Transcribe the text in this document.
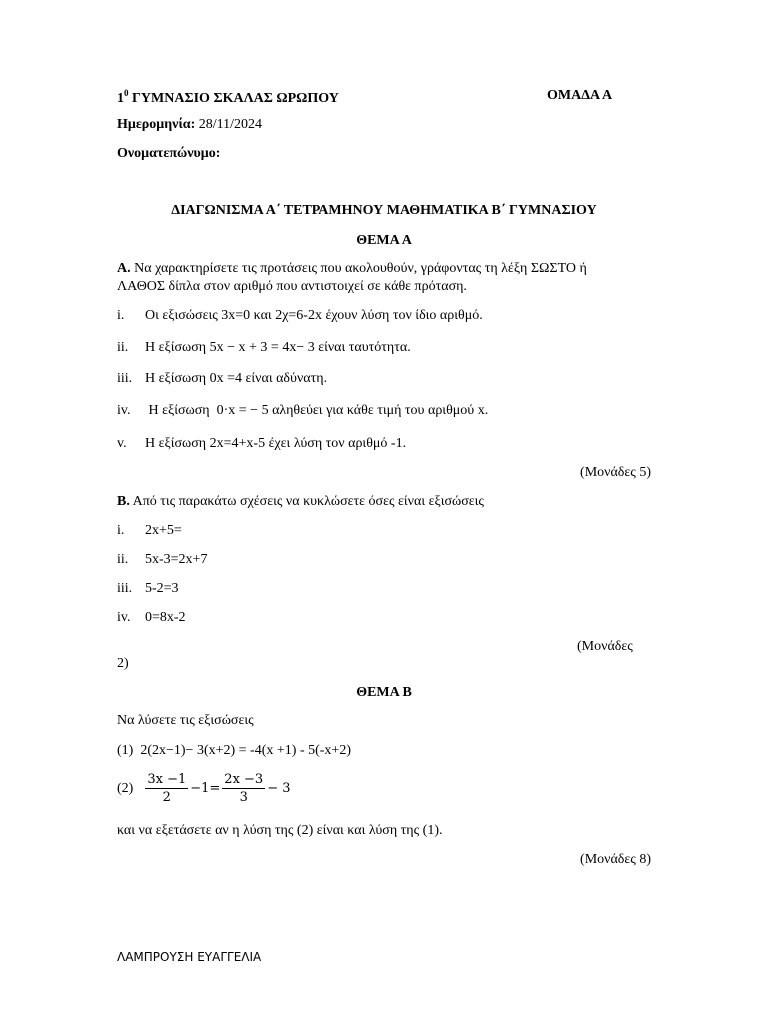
$1^0$ ΓΥΜΝΑΣΙΟ ΣΚΑΛΑΣ ΩΡΩΠΟΥ	ΟΜΑΔΑ Α
Ημερομηνία: 28/11/2024
Ονοματεπώνυμο:
ΔΙΑΓΩΝΙΣΜΑ Α΄ ΤΕΤΡΑΜΗΝΟΥ ΜΑΘΗΜΑΤΙΚΑ Β΄ ΓΥΜΝΑΣΙΟΥ
ΘΕΜΑ Α
Α. Να χαρακτηρίσετε τις προτάσεις που ακολουθούν, γράφοντας τη λέξη ΣΩΣΤΟ ή
ΛΑΘΟΣ δίπλα στον αριθμό που αντιστοιχεί σε κάθε πρόταση.
i. Οι εξισώσεις 3x=0 και 2χ=6-2x έχουν λύση τον ίδιο αριθμό.
ii. Η εξίσωση 5x − x + 3 = 4x− 3 είναι ταυτότητα.
iii. Η εξίσωση 0x =4 είναι αδύνατη.
iv. Η εξίσωση  0·x = − 5 αληθεύει για κάθε τιμή του αριθμού x.
v. Η εξίσωση 2x=4+x-5 έχει λύση τον αριθμό -1.
(Μονάδες 5)
Β. Από τις παρακάτω σχέσεις να κυκλώσετε όσες είναι εξισώσεις
i. 2x+5=
ii. 5x-3=2x+7
iii. 5-2=3
iv. 0=8x-2
(Μονάδες
2)
ΘΕΜΑ Β
Να λύσετε τις εξισώσεις
(1) 2(2x−1)− 3(x+2) = -4(x +1) - 5(-x+2)
$(2) \frac{3x -1}{2} -1= \frac{2x -3}{3} - 3$
και να εξετάσετε αν η λύση της (2) είναι και λύση της (1).
(Μονάδες 8)
ΛΑΜΠΡΟΥΣΗ ΕΥΑΓΓΕΛΙΑ
